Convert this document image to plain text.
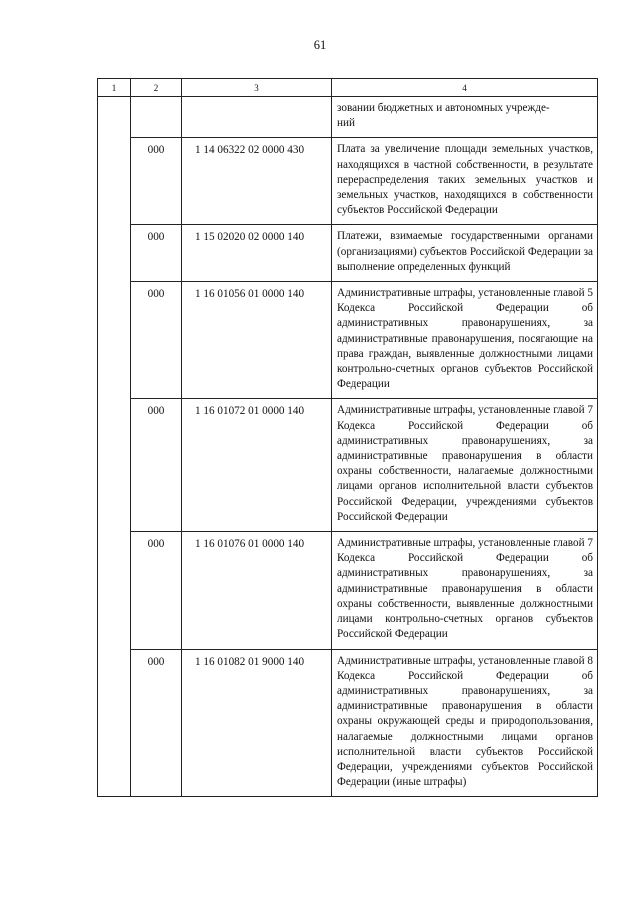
61
1	2	3	4
			зовании бюджетных и автономных учрежде-
ний
	000	1 14 06322 02 0000 430	Плата за увеличение площади земельных участков, находящихся в частной собственности, в результате перераспределения таких земельных участков и земельных участков, находящихся в собственности субъектов Российской Федерации
	000	1 15 02020 02 0000 140	Платежи, взимаемые государственными органами (организациями) субъектов Российской Федерации за выполнение определенных функций
	000	1 16 01056 01 0000 140	Административные штрафы, установленные главой 5 Кодекса Российской Федерации об административных правонарушениях, за административные правонарушения, посягающие на права граждан, выявленные должностными лицами контрольно-счетных органов субъектов Российской Федерации
	000	1 16 01072 01 0000 140	Административные штрафы, установленные главой 7 Кодекса Российской Федерации об административных правонарушениях, за административные правонарушения в области охраны собственности, налагаемые должностными лицами органов исполнительной власти субъектов Российской Федерации, учреждениями субъектов Российской Федерации
	000	1 16 01076 01 0000 140	Административные штрафы, установленные главой 7 Кодекса Российской Федерации об административных правонарушениях, за административные правонарушения в области охраны собственности, выявленные должностными лицами контрольно-счетных органов субъектов Российской Федерации
	000	1 16 01082 01 9000 140	Административные штрафы, установленные главой 8 Кодекса Российской Федерации об административных правонарушениях, за административные правонарушения в области охраны окружающей среды и природопользования, налагаемые должностными лицами органов исполнительной власти субъектов Российской Федерации, учреждениями субъектов Российской Федерации (иные штрафы)
